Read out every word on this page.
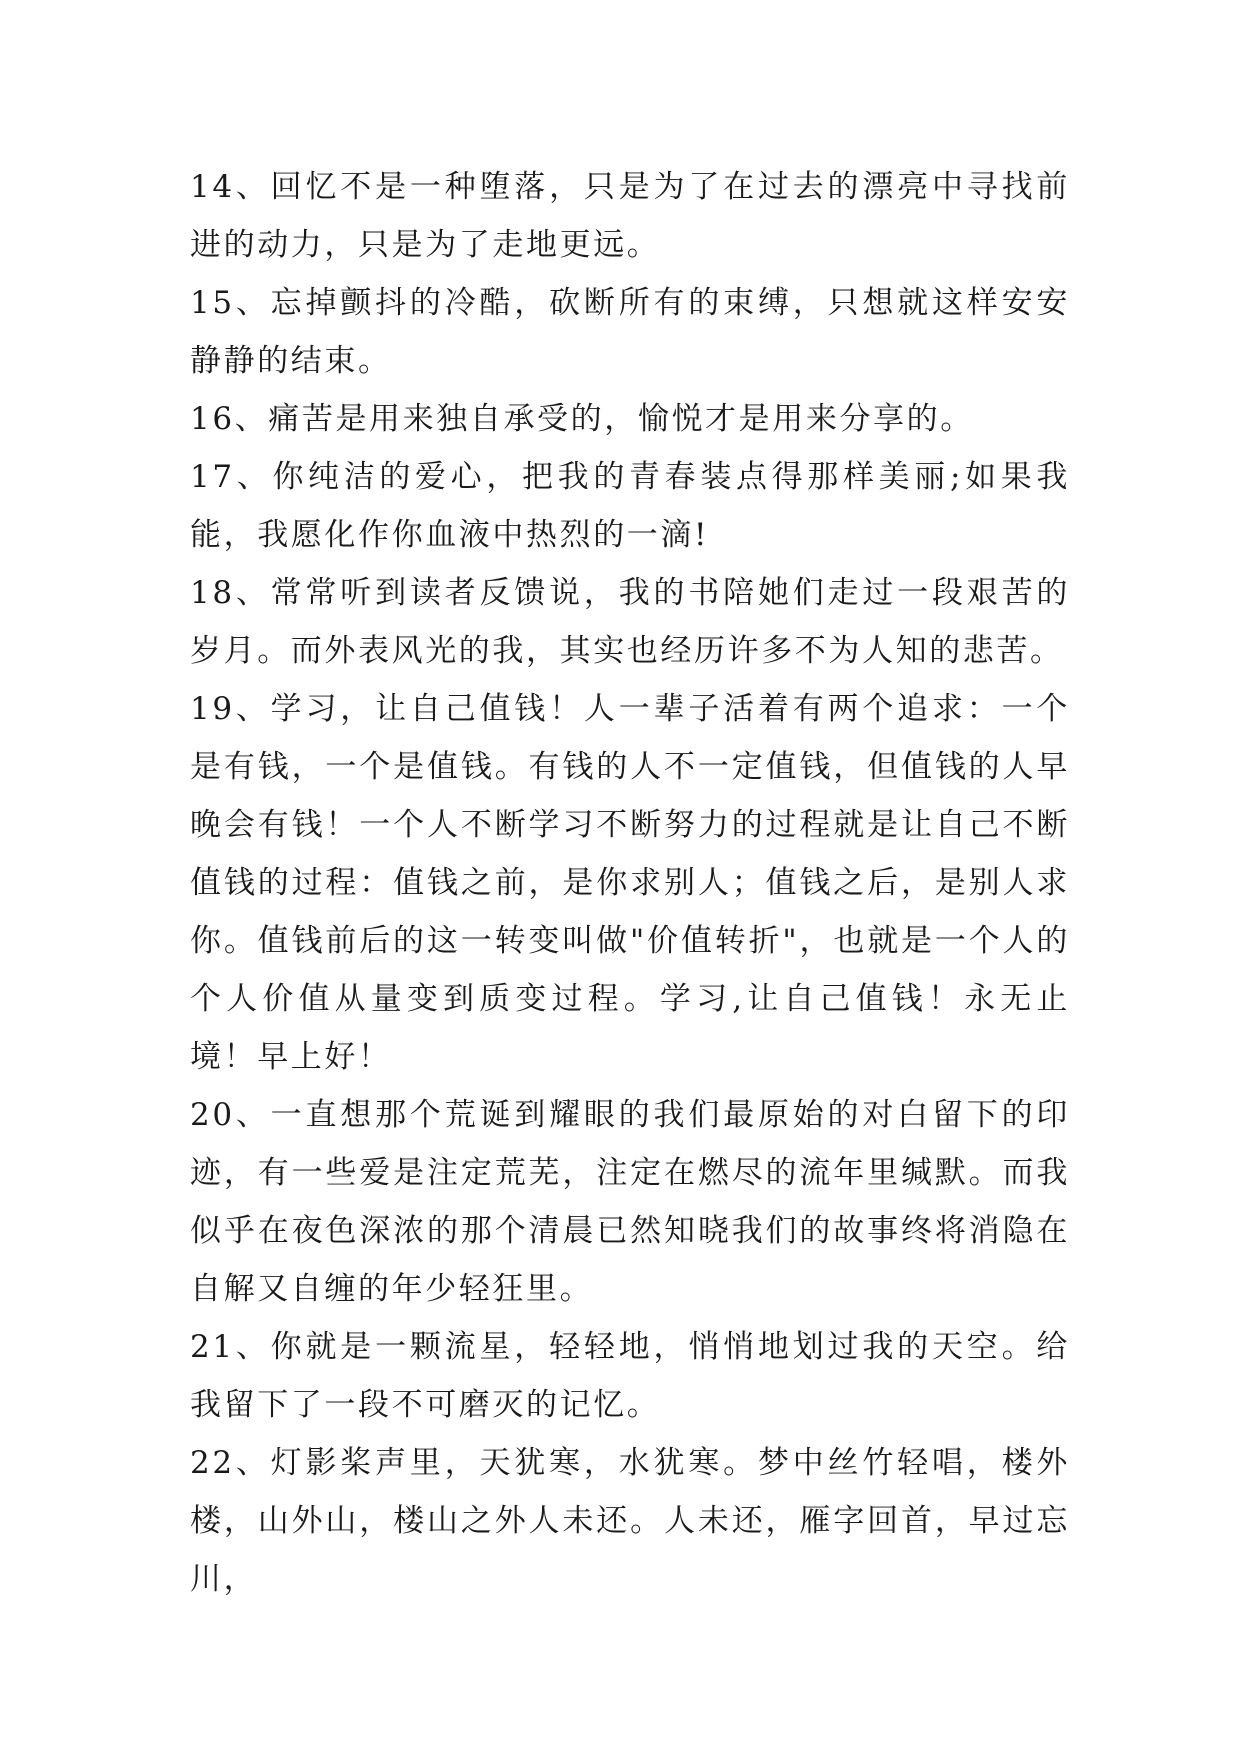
14、回忆不是一种堕落，只是为了在过去的漂亮中寻找前进的动力，只是为了走地更远。

15、忘掉颤抖的冷酷，砍断所有的束缚，只想就这样安安静静的结束。

16、痛苦是用来独自承受的，愉悦才是用来分享的。

17、你纯洁的爱心，把我的青春装点得那样美丽;如果我能，我愿化作你血液中热烈的一滴!

18、常常听到读者反馈说，我的书陪她们走过一段艰苦的岁月。而外表风光的我，其实也经历许多不为人知的悲苦。

19、学习，让自己值钱！人一辈子活着有两个追求：一个是有钱，一个是值钱。有钱的人不一定值钱，但值钱的人早晚会有钱！一个人不断学习不断努力的过程就是让自己不断值钱的过程：值钱之前，是你求别人；值钱之后，是别人求你。值钱前后的这一转变叫做"价值转折"，也就是一个人的个人价值从量变到质变过程。学习,让自己值钱！永无止境！早上好！

20、一直想那个荒诞到耀眼的我们最原始的对白留下的印迹，有一些爱是注定荒芜，注定在燃尽的流年里缄默。而我似乎在夜色深浓的那个清晨已然知晓我们的故事终将消隐在自解又自缠的年少轻狂里。

21、你就是一颗流星，轻轻地，悄悄地划过我的天空。给我留下了一段不可磨灭的记忆。

22、灯影桨声里，天犹寒，水犹寒。梦中丝竹轻唱，楼外楼，山外山，楼山之外人未还。人未还，雁字回首，早过忘川，
